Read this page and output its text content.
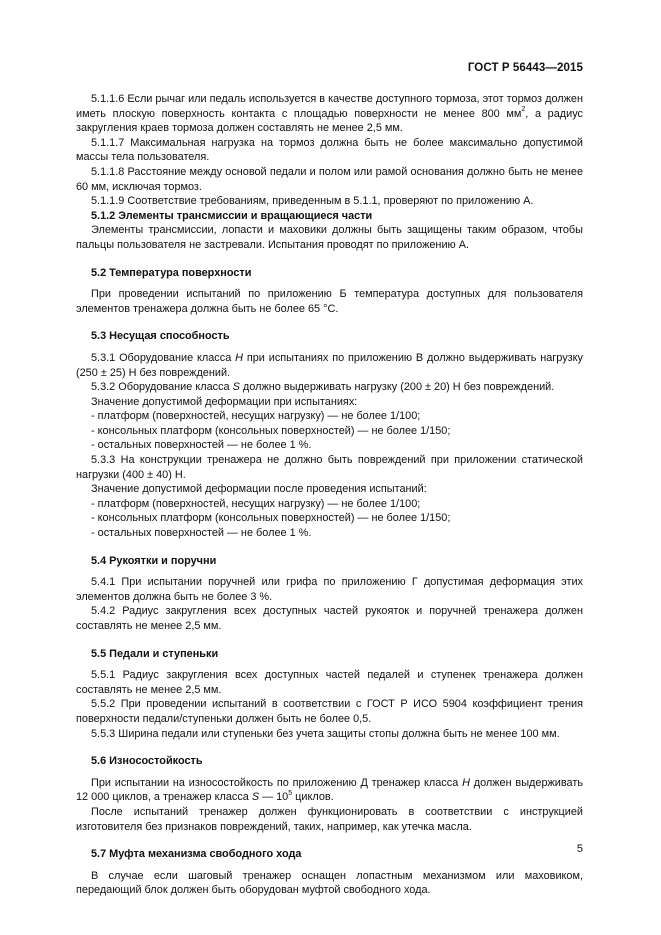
ГОСТ Р 56443—2015

5.1.1.6 Если рычаг или педаль используется в качестве доступного тормоза, этот тормоз должен иметь плоскую поверхность контакта с площадью поверхности не менее 800 $мм^2$, а радиус закругления краев тормоза должен составлять не менее 2,5 мм.

5.1.1.7 Максимальная нагрузка на тормоз должна быть не более максимально допустимой массы тела пользователя.

5.1.1.8 Расстояние между основой педали и полом или рамой основания должно быть не менее 60 мм, исключая тормоз.

5.1.1.9 Соответствие требованиям, приведенным в 5.1.1, проверяют по приложению А.

5.1.2 Элементы трансмиссии и вращающиеся части

Элементы трансмиссии, лопасти и маховики должны быть защищены таким образом, чтобы пальцы пользователя не застревали. Испытания проводят по приложению А.

5.2 Температура поверхности

При проведении испытаний по приложению Б температура доступных для пользователя элементов тренажера должна быть не более 65 °С.

5.3 Несущая способность

5.3.1 Оборудование класса H при испытаниях по приложению В должно выдерживать нагрузку (250 ± 25) Н без повреждений.

5.3.2 Оборудование класса S должно выдерживать нагрузку (200 ± 20) Н без повреждений.

Значение допустимой деформации при испытаниях:

- платформ (поверхностей, несущих нагрузку) — не более 1/100;

- консольных платформ (консольных поверхностей) — не более 1/150;

- остальных поверхностей — не более 1 %.

5.3.3 На конструкции тренажера не должно быть повреждений при приложении статической нагрузки (400 ± 40) Н.

Значение допустимой деформации после проведения испытаний:

- платформ (поверхностей, несущих нагрузку) — не более 1/100;

- консольных платформ (консольных поверхностей) — не более 1/150;

- остальных поверхностей — не более 1 %.

5.4 Рукоятки и поручни

5.4.1 При испытании поручней или грифа по приложению Г допустимая деформация этих элементов должна быть не более 3 %.

5.4.2 Радиус закругления всех доступных частей рукояток и поручней тренажера должен составлять не менее 2,5 мм.

5.5 Педали и ступеньки

5.5.1 Радиус закругления всех доступных частей педалей и ступенек тренажера должен составлять не менее 2,5 мм.

5.5.2 При проведении испытаний в соответствии с ГОСТ Р ИСО 5904 коэффициент трения поверхности педали/ступеньки должен быть не более 0,5.

5.5.3 Ширина педали или ступеньки без учета защиты стопы должна быть не менее 100 мм.

5.6 Износостойкость

При испытании на износостойкость по приложению Д тренажер класса H должен выдерживать 12 000 циклов, а тренажер класса S — $10^5$ циклов.

После испытаний тренажер должен функционировать в соответствии с инструкцией изготовителя без признаков повреждений, таких, например, как утечка масла.

5.7 Муфта механизма свободного хода

В случае если шаговый тренажер оснащен лопастным механизмом или маховиком, передающий блок должен быть оборудован муфтой свободного хода.

5
